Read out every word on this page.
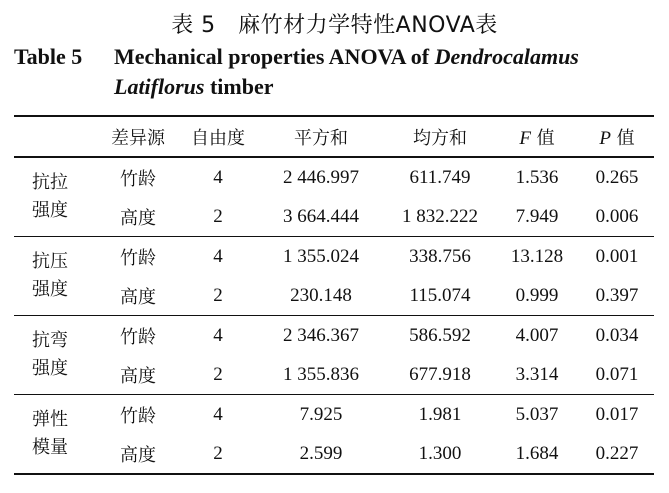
表 5　麻竹材力学特性ANOVA表
Table 5 Mechanical properties ANOVA of Dendrocalamus
Latiflorus timber
	差异源	自由度	平方和	均方和	F 值	P 值

抗拉
强度	竹龄	4	2 446.997	611.749	1.536	0.265
	高度	2	3 664.444	1 832.222	7.949	0.006

抗压
强度	竹龄	4	1 355.024	338.756	13.128	0.001
	高度	2	230.148	115.074	0.999	0.397

抗弯
强度	竹龄	4	2 346.367	586.592	4.007	0.034
	高度	2	1 355.836	677.918	3.314	0.071

弹性
模量	竹龄	4	7.925	1.981	5.037	0.017
	高度	2	2.599	1.300	1.684	0.227
